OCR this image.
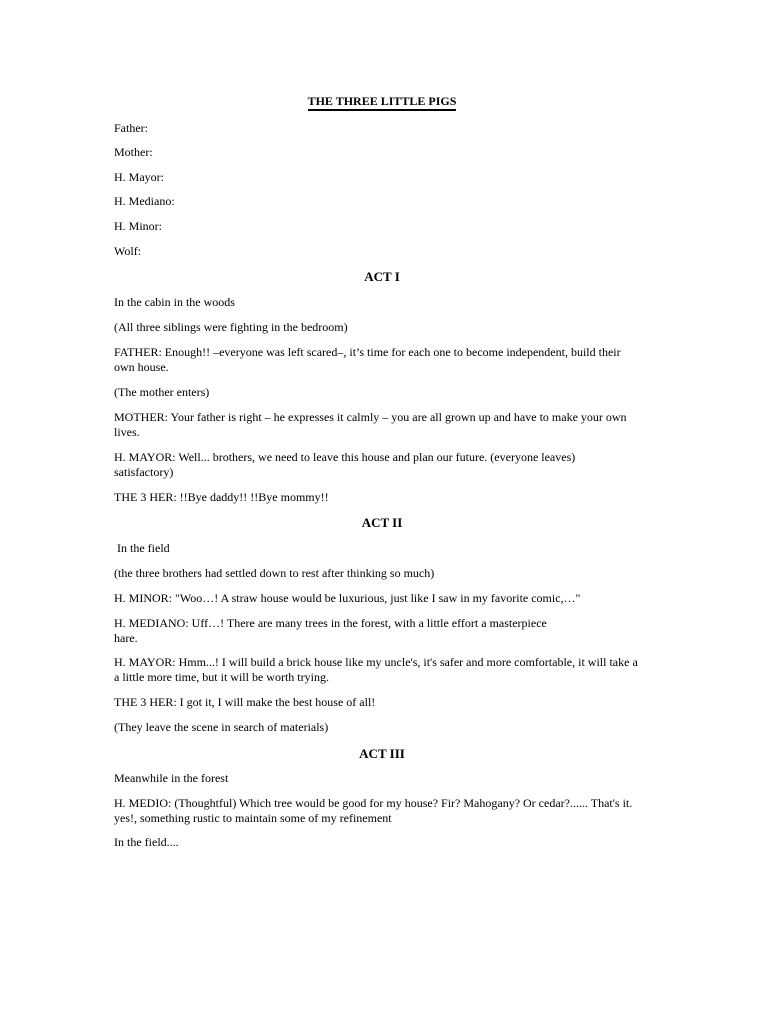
THE THREE LITTLE PIGS
Father:
Mother:
H. Mayor:
H. Mediano:
H. Minor:
Wolf:
ACT I
In the cabin in the woods
(All three siblings were fighting in the bedroom)
FATHER: Enough!! –everyone was left scared–, it’s time for each one to become independent, build their
own house.
(The mother enters)
MOTHER: Your father is right – he expresses it calmly – you are all grown up and have to make your own
lives.
H. MAYOR: Well... brothers, we need to leave this house and plan our future. (everyone leaves)
satisfactory)
THE 3 HER: !!Bye daddy!! !!Bye mommy!!
ACT II
In the field
(the three brothers had settled down to rest after thinking so much)
H. MINOR: "Woo…! A straw house would be luxurious, just like I saw in my favorite comic,…"
H. MEDIANO: Uff…! There are many trees in the forest, with a little effort a masterpiece
hare.
H. MAYOR: Hmm...! I will build a brick house like my uncle's, it's safer and more comfortable, it will take a
a little more time, but it will be worth trying.
THE 3 HER: I got it, I will make the best house of all!
(They leave the scene in search of materials)
ACT III
Meanwhile in the forest
H. MEDIO: (Thoughtful) Which tree would be good for my house? Fir? Mahogany? Or cedar?...... That's it.
yes!, something rustic to maintain some of my refinement
In the field....
